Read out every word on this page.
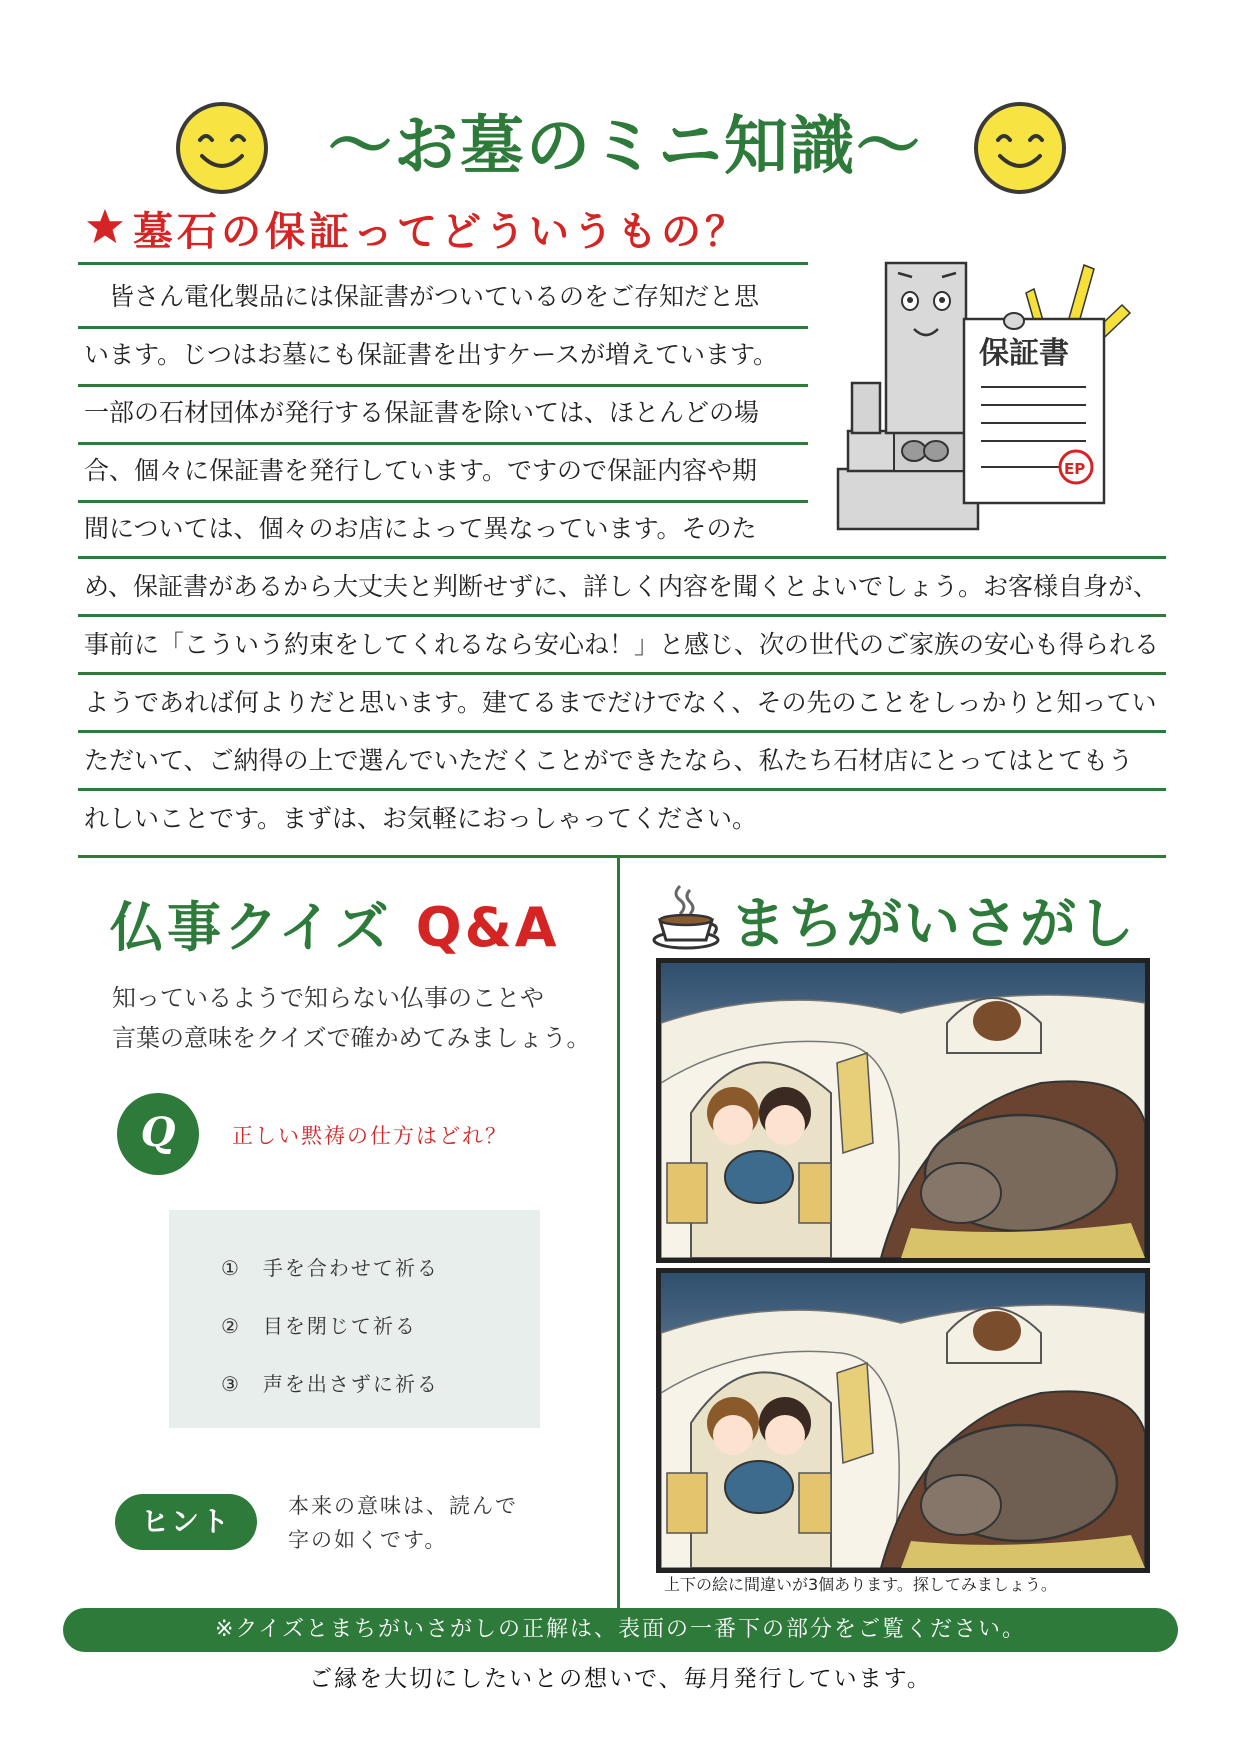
～お墓のミニ知識～
墓石の保証ってどういうもの？
　皆さん電化製品には保証書がついているのをご存知だと思
います。じつはお墓にも保証書を出すケースが増えています。
一部の石材団体が発行する保証書を除いては、ほとんどの場
合、個々に保証書を発行しています。ですので保証内容や期
間については、個々のお店によって異なっています。そのた
め、保証書があるから大丈夫と判断せずに、詳しく内容を聞くとよいでしょう。お客様自身が、
事前に「こういう約束をしてくれるなら安心ね！」と感じ、次の世代のご家族の安心も得られる
ようであれば何よりだと思います。建てるまでだけでなく、その先のことをしっかりと知ってい
ただいて、ご納得の上で選んでいただくことができたなら、私たち石材店にとってはとてもう
れしいことです。まずは、お気軽におっしゃってください。
保証書
EP
仏事クイズ Q&A
知っているようで知らない仏事のことや
言葉の意味をクイズで確かめてみましょう。
Q	正しい黙祷の仕方はどれ？
①　手を合わせて祈る
②　目を閉じて祈る
③　声を出さずに祈る
ヒント	本来の意味は、読んで
字の如くです。
まちがいさがし
上下の絵に間違いが3個あります。探してみましょう。
※クイズとまちがいさがしの正解は、表面の一番下の部分をご覧ください。
ご縁を大切にしたいとの想いで、毎月発行しています。
